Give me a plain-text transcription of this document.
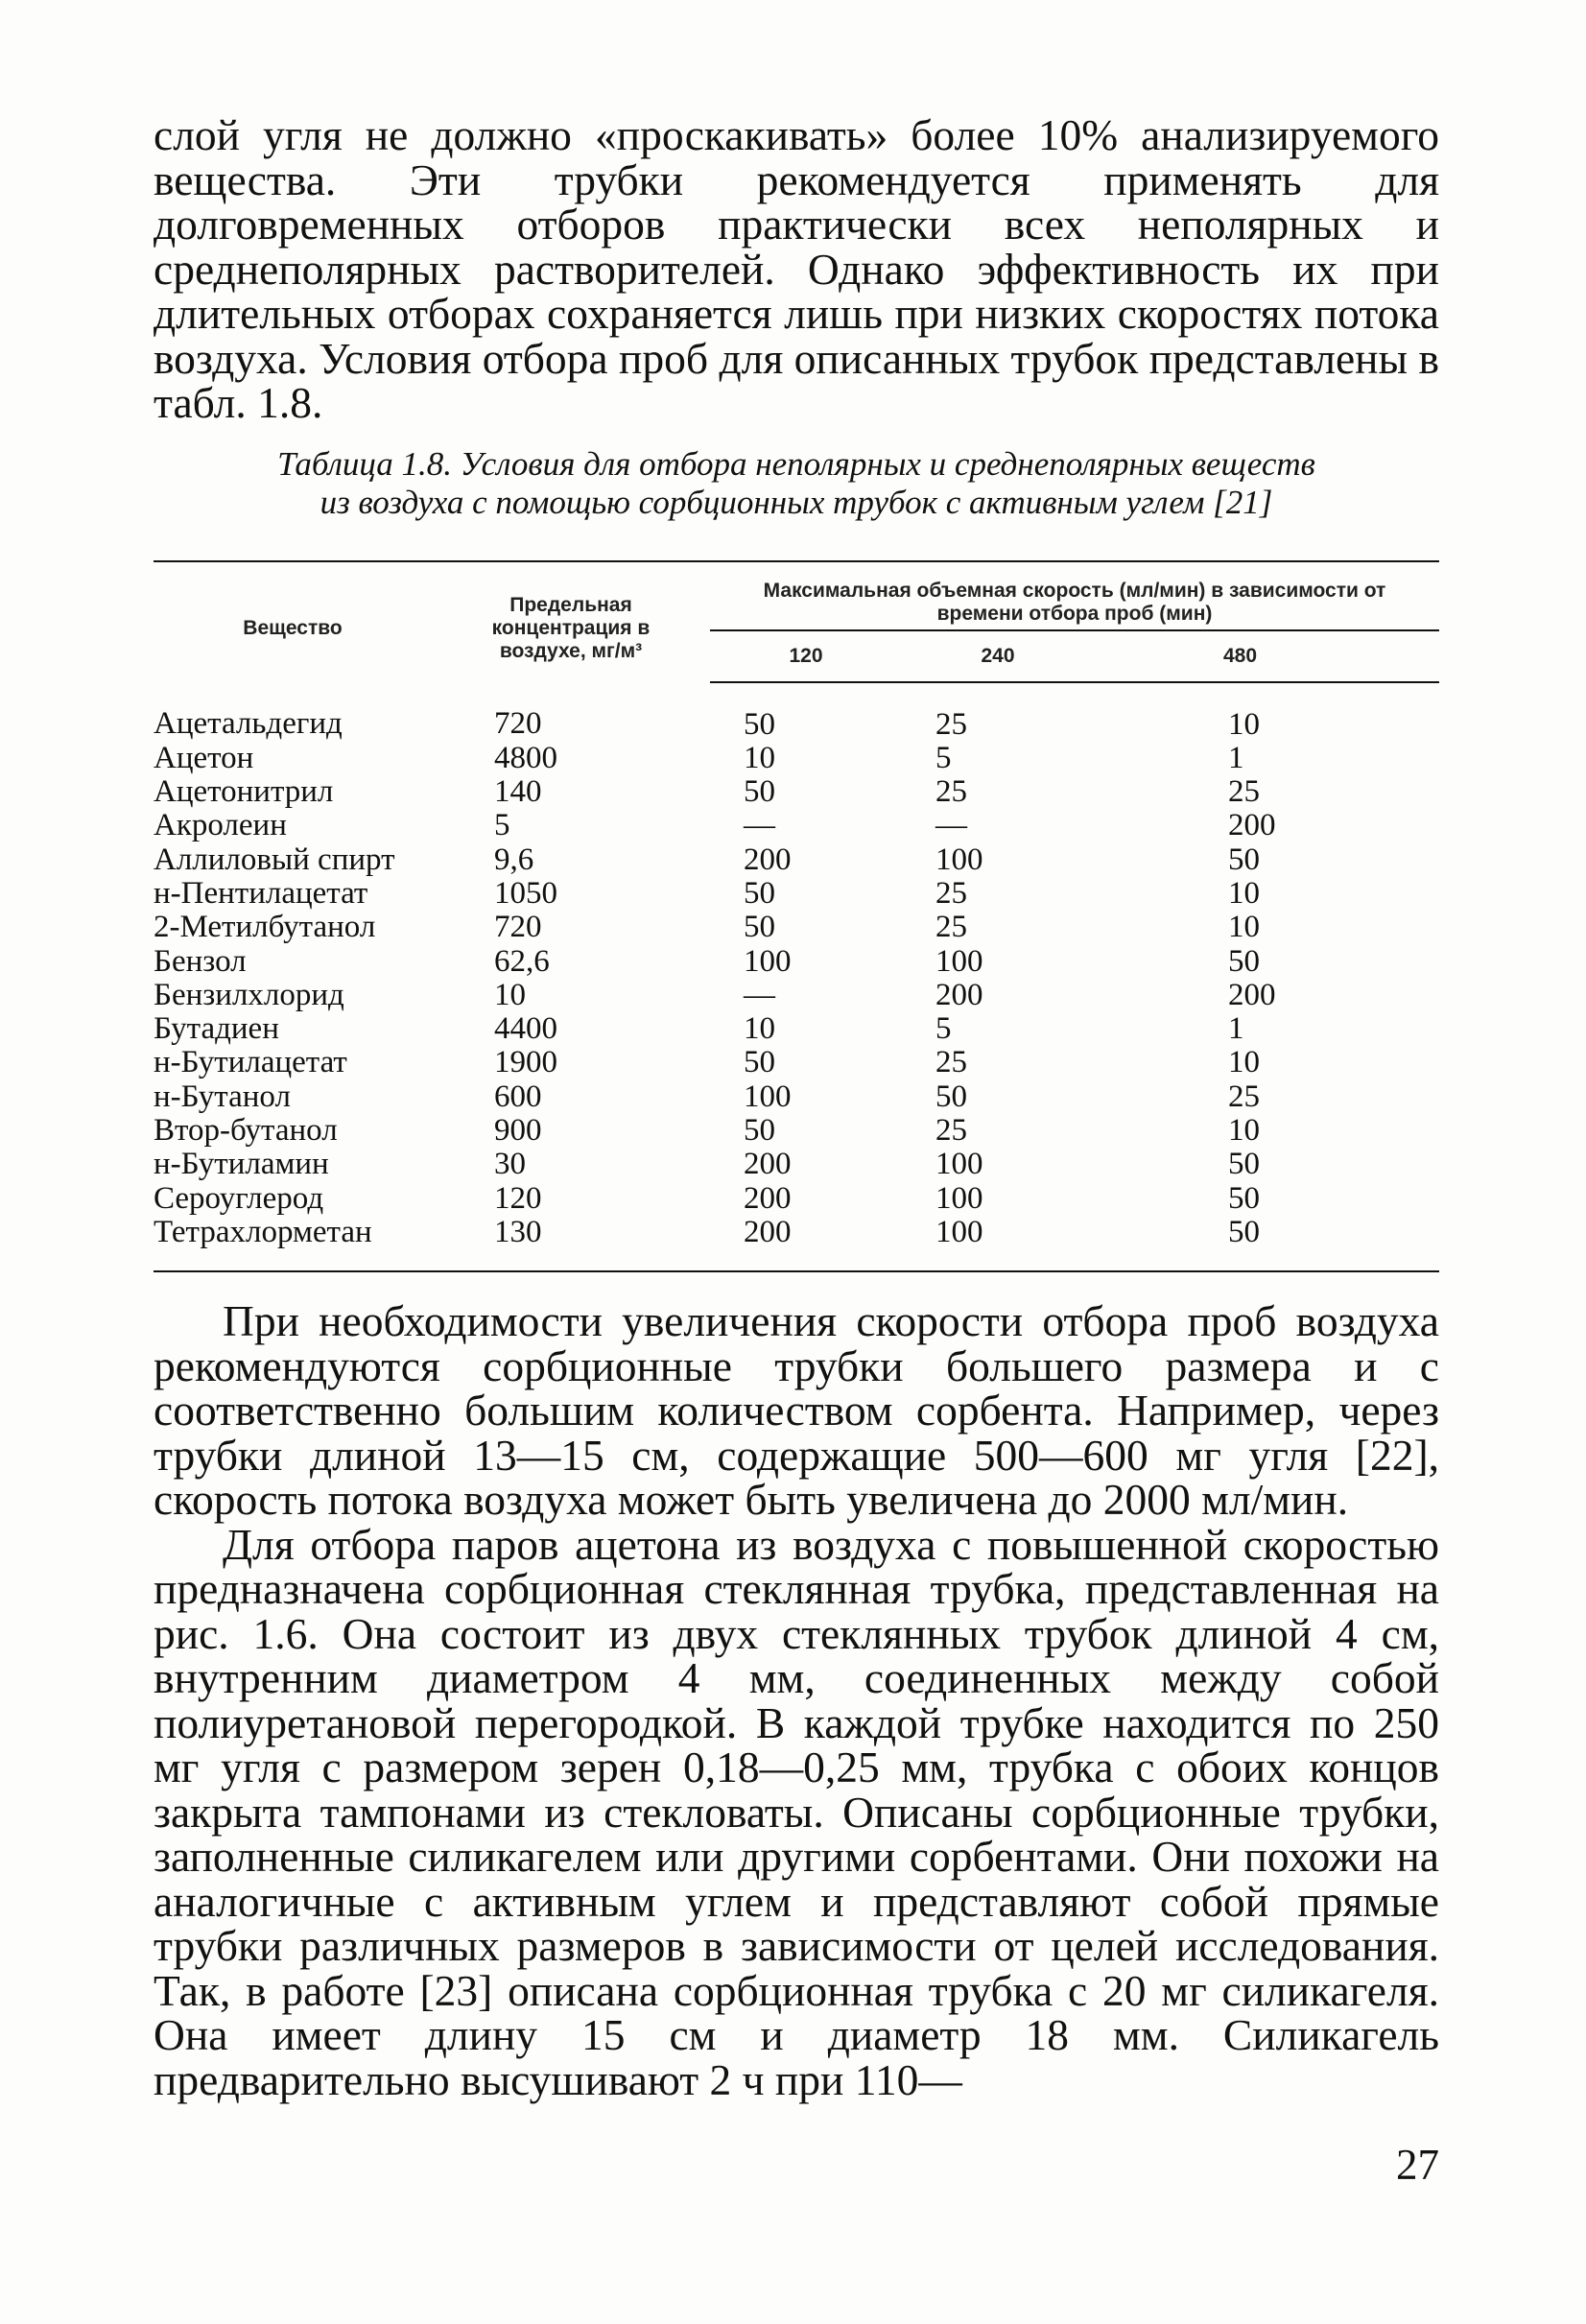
слой угля не должно «проскакивать» более 10% анализируемого вещества. Эти трубки рекомендуется применять для долговременных отборов практически всех неполярных и среднеполярных растворителей. Однако эффективность их при длительных отборах сохраняется лишь при низких скоростях потока воздуха. Условия отбора проб для описанных трубок представлены в табл. 1.8.

Таблица 1.8. Условия для отбора неполярных и среднеполярных веществ
из воздуха с помощью сорбционных трубок с активным углем [21]
Вещество	Предельная концентрация в воздухе, мг/м³	Максимальная объемная скорость (мл/мин) в зависимости от времени отбора проб (мин)		
		120	240	480
Ацетальдегид	720	50	25	10
Ацетон	4800	10	5	1
Ацетонитрил	140	50	25	25
Акролеин	5	—	—	200
Аллиловый спирт	9,6	200	100	50
н-Пентилацетат	1050	50	25	10
2-Метилбутанол	720	50	25	10
Бензол	62,6	100	100	50
Бензилхлорид	10	—	200	200
Бутадиен	4400	10	5	1
н-Бутилацетат	1900	50	25	10
н-Бутанол	600	100	50	25
Втор-бутанол	900	50	25	10
н-Бутиламин	30	200	100	50
Сероуглерод	120	200	100	50
Тетрахлорметан	130	200	100	50

При необходимости увеличения скорости отбора проб воздуха рекомендуются сорбционные трубки большего размера и с соответственно большим количеством сорбента. Например, через трубки длиной 13—15 см, содержащие 500—600 мг угля [22], скорость потока воздуха может быть увеличена до 2000 мл/мин.

Для отбора паров ацетона из воздуха с повышенной скоростью предназначена сорбционная стеклянная трубка, представленная на рис. 1.6. Она состоит из двух стеклянных трубок длиной 4 см, внутренним диаметром 4 мм, соединенных между собой полиуретановой перегородкой. В каждой трубке находится по 250 мг угля с размером зерен 0,18—0,25 мм, трубка с обоих концов закрыта тампонами из стекловаты. Описаны сорбционные трубки, заполненные силикагелем или другими сорбентами. Они похожи на аналогичные с активным углем и представляют собой прямые трубки различных размеров в зависимости от целей исследования. Так, в работе [23] описана сорбционная трубка с 20 мг силикагеля. Она имеет длину 15 см и диаметр 18 мм. Силикагель предварительно высушивают 2 ч при 110—

27
